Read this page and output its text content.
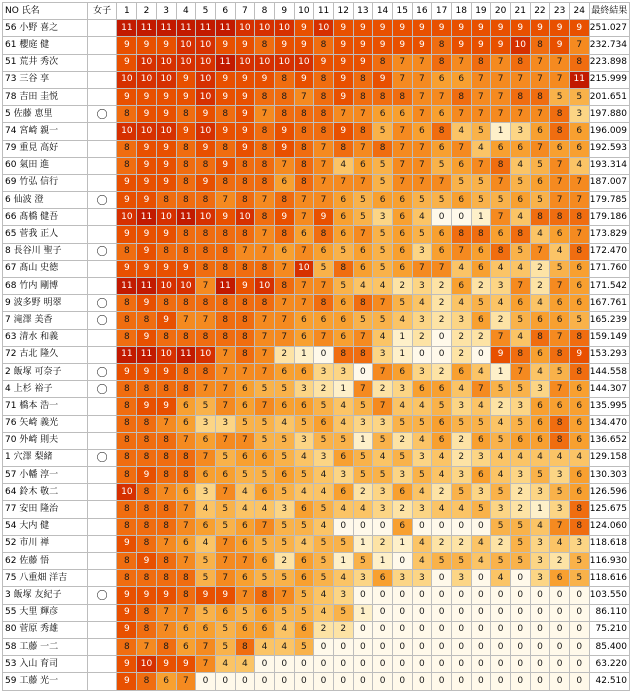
NO 氏名	女子	1	2	3	4	5	6	7	8	9	10	11	12	13	14	15	16	17	18	19	20	21	22	23	24	最終結果
56 小野 喜之		11	11	11	11	11	11	10	10	10	9	10	9	9	9	9	9	9	9	9	9	9	9	9	9	251.027
61 櫻庭 健		9	9	9	10	10	9	9	8	9	9	8	9	9	9	9	9	8	9	9	9	10	8	9	7	232.734
51 荒井 秀次		9	10	10	10	10	11	10	10	10	10	9	9	9	8	7	7	8	7	8	7	8	7	7	8	223.898
73 三谷 享		10	10	10	9	10	9	9	9	8	9	8	9	8	9	7	7	6	6	7	7	7	7	7	11	215.999
78 吉田 圭悦		9	9	9	9	10	9	9	8	8	7	8	9	8	8	8	7	7	8	7	7	8	8	5	5	201.651
5 佐藤 恵里	〇	8	9	9	8	9	8	9	7	8	8	8	7	7	6	6	7	6	7	7	7	7	7	8	3	197.880
74 宮崎 親一		10	10	10	9	10	9	9	8	9	8	8	9	8	5	7	6	8	4	5	1	3	6	8	6	196.009
79 重見 高好		8	9	9	8	9	8	9	8	9	8	7	8	7	8	7	7	6	7	4	6	6	7	6	6	192.593
60 氣田 進		8	9	9	8	8	9	8	8	7	8	7	4	6	5	7	7	5	6	7	8	4	5	7	4	193.314
69 竹弘 信行		9	9	9	8	9	8	8	8	6	8	7	7	7	5	7	7	7	5	5	7	5	6	7	7	187.007
6 仙波 澄	〇	9	9	8	8	8	7	8	7	8	7	7	6	5	6	6	5	5	6	5	5	6	5	7	7	179.785
66 髙橋 健吾		10	11	10	11	10	9	10	8	9	7	9	6	5	3	6	4	0	0	1	7	4	8	8	8	179.186
65 菅我 正人		9	9	9	8	8	8	8	7	8	6	8	6	7	5	6	5	6	8	8	6	8	4	6	7	173.829
8 長谷川 聖子	〇	8	9	8	8	8	8	7	7	6	7	6	5	6	5	6	3	6	7	6	8	5	7	4	8	172.470
67 髙山 史徳		9	9	9	9	8	8	8	8	7	10	5	8	6	5	6	7	7	4	6	4	4	2	5	6	171.760
68 竹内 剛博		11	11	10	10	7	11	9	10	8	7	7	5	4	4	2	3	2	6	2	3	7	2	7	6	171.542
9 波多野 明翠	〇	8	9	8	8	8	8	8	8	7	7	8	6	8	7	5	4	2	4	5	4	6	4	6	6	167.761
7 滝澤 美香	〇	8	8	9	7	7	8	8	7	7	6	6	6	5	5	4	3	2	3	6	2	5	6	6	5	165.239
63 清水 和義		8	9	8	8	8	8	8	7	7	6	7	6	7	4	1	2	0	2	2	7	4	8	7	8	159.149
72 古北 隆久		11	11	10	11	10	7	8	7	2	1	0	8	8	3	1	0	0	2	0	9	8	6	8	9	153.293
2 飯塚 可奈子	〇	9	9	9	8	8	7	7	7	6	6	3	3	0	7	6	3	2	6	4	1	7	4	5	8	144.558
4 上杉 裕子	〇	8	8	8	8	7	7	6	5	5	3	2	1	7	2	3	6	6	4	7	5	5	3	7	6	144.307
71 橋本 浩一		8	9	9	6	5	7	6	7	6	6	5	4	5	7	4	4	5	3	4	2	3	6	6	6	135.995
76 矢崎 義光		8	8	7	6	3	3	5	5	4	5	6	4	3	3	5	5	6	5	5	4	5	6	8	6	134.470
70 外崎 則夫		8	8	8	7	6	7	7	5	5	3	5	5	1	5	2	4	6	2	6	5	6	6	8	6	136.652
1 穴澤 梨緒	〇	8	8	8	8	7	5	6	6	5	4	3	6	5	4	5	3	4	2	3	4	4	4	4	4	129.158
57 小幡 淳一		8	9	8	8	6	6	5	5	6	5	4	3	5	5	3	5	4	3	6	4	3	5	3	6	130.303
64 鈴木 敬二		10	8	7	6	3	7	4	6	5	4	4	6	2	3	6	4	2	5	3	5	2	3	5	6	126.596
77 安田 隆治		8	8	8	7	4	5	4	4	3	6	5	4	4	3	2	3	4	4	5	3	2	1	3	8	125.675
54 大内 健		8	8	8	7	6	5	6	7	5	5	4	0	0	0	6	0	0	0	0	5	5	4	7	8	124.060
52 市川 禅		9	8	7	6	4	7	6	5	5	4	5	5	1	2	1	4	2	2	4	2	5	3	4	3	118.618
62 佐藤 悟		8	9	8	7	5	7	7	6	2	6	5	1	5	1	0	4	5	5	4	5	5	3	2	5	116.930
75 八重畑 洋吉		8	8	8	8	5	7	6	5	5	6	5	4	3	6	3	3	0	3	0	4	0	3	6	5	118.616
3 飯塚 友紀子	〇	9	9	9	8	9	9	7	8	7	5	4	3	0	0	0	0	0	0	0	0	0	0	0	0	103.550
55 大里 輝彦		9	8	7	7	5	6	5	6	5	5	4	5	1	0	0	0	0	0	0	0	0	0	0	0	86.110
80 菅原 秀雄		9	8	7	6	6	5	6	6	4	6	2	2	0	0	0	0	0	0	0	0	0	0	0	0	75.210
58 工藤 一二		8	7	8	6	7	5	8	4	4	5	0	0	0	0	0	0	0	0	0	0	0	0	0	0	85.400
53 入山 育司		9	10	9	9	7	4	4	0	0	0	0	0	0	0	0	0	0	0	0	0	0	0	0	0	63.220
59 工藤 光一		9	8	6	7	0	0	0	0	0	0	0	0	0	0	0	0	0	0	0	0	0	0	0	0	42.510
